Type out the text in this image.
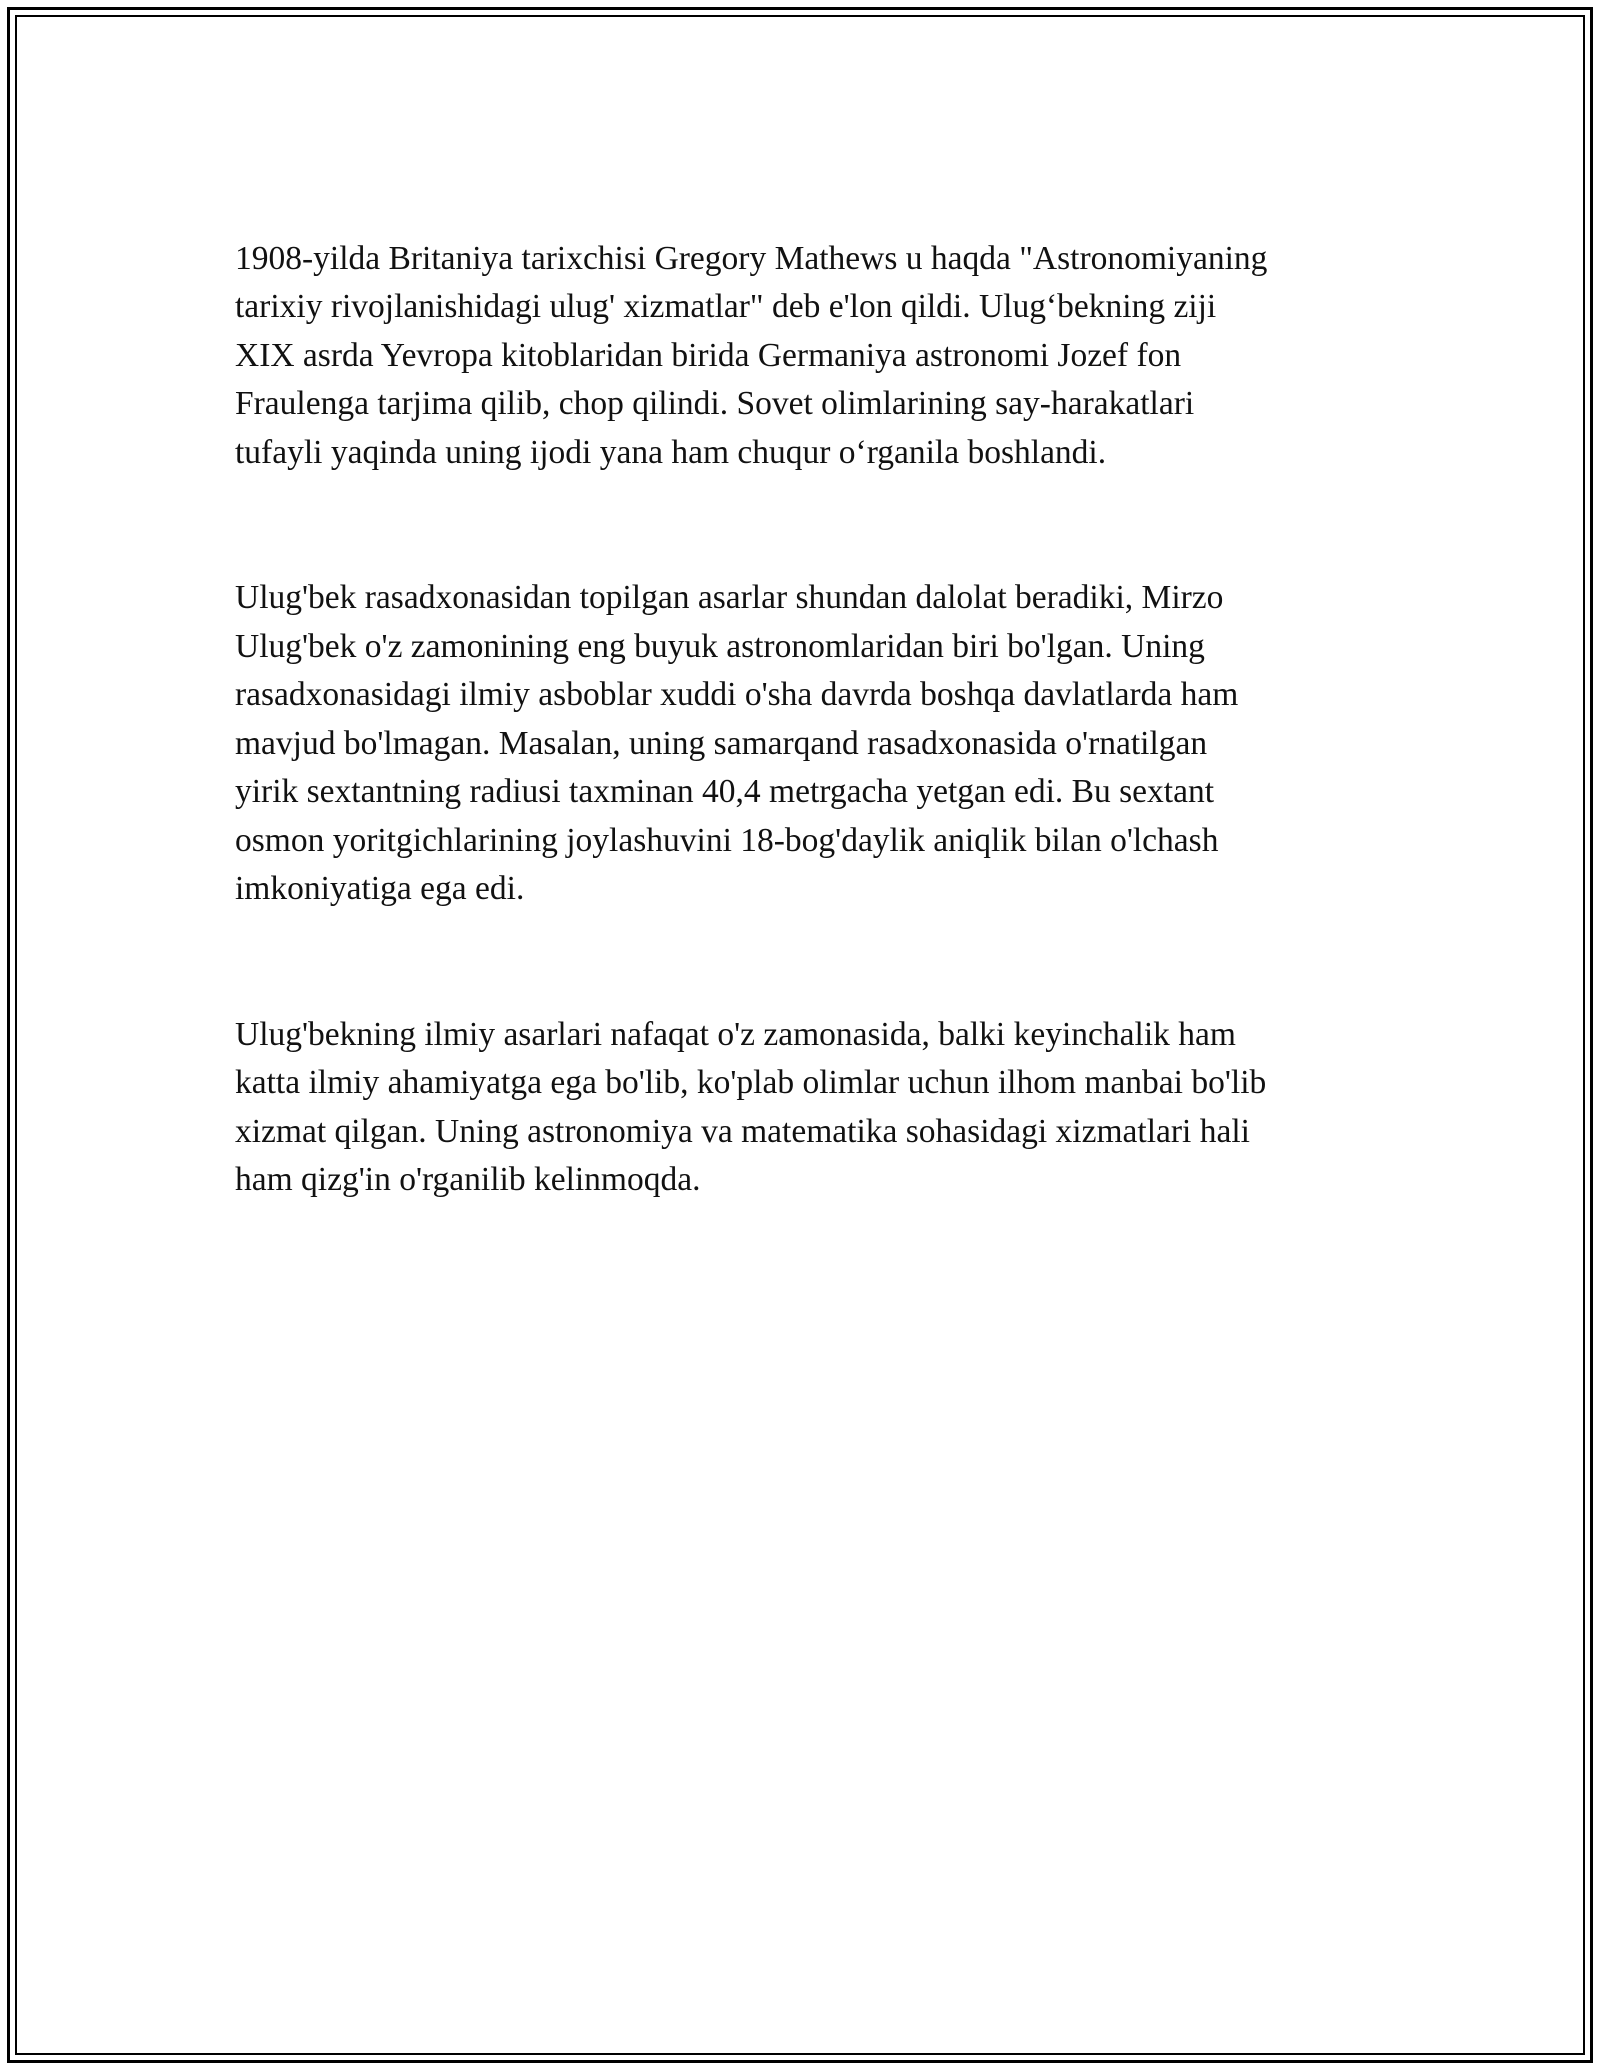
1908-yilda Britaniya tarixchisi Gregory Mathews u haqda "Astronomiyaning
tarixiy rivojlanishidagi ulug' xizmatlar" deb e'lon qildi. Ulug‘bekning ziji
XIX asrda Yevropa kitoblaridan birida Germaniya astronomi Jozef fon
Fraulenga tarjima qilib, chop qilindi. Sovet olimlarining say-harakatlari
tufayli yaqinda uning ijodi yana ham chuqur o‘rganila boshlandi.

Ulug'bek rasadxonasidan topilgan asarlar shundan dalolat beradiki, Mirzo
Ulug'bek o'z zamonining eng buyuk astronomlaridan biri bo'lgan. Uning
rasadxonasidagi ilmiy asboblar xuddi o'sha davrda boshqa davlatlarda ham
mavjud bo'lmagan. Masalan, uning samarqand rasadxonasida o'rnatilgan
yirik sextantning radiusi taxminan 40,4 metrgacha yetgan edi. Bu sextant
osmon yoritgichlarining joylashuvini 18-bog'daylik aniqlik bilan o'lchash
imkoniyatiga ega edi.

Ulug'bekning ilmiy asarlari nafaqat o'z zamonasida, balki keyinchalik ham
katta ilmiy ahamiyatga ega bo'lib, ko'plab olimlar uchun ilhom manbai bo'lib
xizmat qilgan. Uning astronomiya va matematika sohasidagi xizmatlari hali
ham qizg'in o'rganilib kelinmoqda.
